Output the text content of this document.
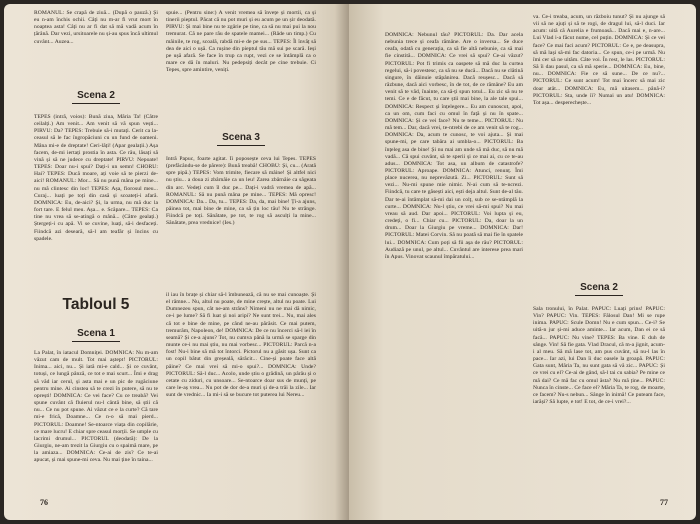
ROMANUL: Se crapă de ziuă... (După o pauză.) Și eu n-am închis ochii. Câți nu m-ar fi vrut mort în noaptea asta! Câți nu ar fi dat să mă vadă acum în țărână. Dar vezi, ursitoarele nu și-au spus încă ultimul cuvânt... Auzea...

Scena 2

TEPES (intră, voios): Bună ziua, Măria Ta! (Către ceilalți.) Am venit... Am venit să vă spun vești... PIRVU: Da? TEPES: Trebuie să-i mutați. Cerit ca la-ceasul să le fac îngropăciuni cu un fund de oameni. Mâna mi-e de dreptate! Ceri-lăți! (Apar gealații.) Așa facem, de-mi iertați prostia în asta. Ce rău, lăsați să vină și să ne judece cu dreptate! PIRVU: Nepoate! TEPES: Doar nu-i spui? Dați-i un semn! CHORU: Hai? TEPES: Ducă moare, ați voie să te pierzi de-aici! ROMANUL: Mor... Să nu pună mâna pe mine... nu mă clintesc din loc! TEPES: Așa, fiorosul meu... Curaj... luați pe toți din casă și scoateți-i afară. DOMNICA: Eu, de-aici? Și, la urma, nu mă duc la fort tare. E felul meu. Așa... e. Scăpare... TEPES: Ca tine nu vrea să se-atingă o mână... (Către gealați.) Ștergeți-i cu apă. Vi se cuvine, luați, să-i desfaceți. Fiindcă azi deseară, să-l am teafăr și încins cu spadele.

spuie... (Pentru sine:) A venit vremea să învețe și mortii, ca și tinerii pieptul. Păcat că nu pot muri și eu acum pe un șir deodată. PIRVU: Și mai bine nu te zgârie pe tine, ca să nu mai pui la nou tremurat. Că ne pare rău de spatele mamei... (Râde un timp.) Cu mâinile, te rog, scoală, rabdă mi-e de pe sus... TEPES: Îl învăț să dea de aici o ușă. Ca rușine din pieptul tău mă sui pe scară. Ieși pe ușă afară. Se face în trup ca rupt, vezi ce se întâmplă ca o mare ce dă în maluri. Nu pedepsiți decât pe cine trebuie. Ci Tepes, spre amintire, veniți.

Scena 3

Intră Papuc, foarte agitat. Îi poposește ceva lui Tepes. TEPES (prefăcându-se de părere): Bună treabă! CHOBU: Și, cu... (Arată spre pipă.) TEPES: Vom trimite, fiecare să mâine! Și altfel nici nu știu... a doua zi zbârnâie ca un leu! Zarea zbârnâie ca săgeata din arc. Vedeți cum îl duc pe... Dați-i vadră vremea de apă... ROMANUL: Să nu pună mâna pe mine... TEPES: Mă opresc! DOMNICA: Da... Da, tu... TEPES: Da, da, mai bine! Ți-a ajuns, pâinea tot, mai bine de mine, ca să țin loc tău! Nu te strânge. Fiindcă pe toți. Sănătate, pe tot, te rog să asculți la mine... Sănătate, prea vrednice! (Ies.)

Tabloul 5

Scena 1

La Palat, în iatacul Domniței. DOMNICA: Nu m-am văzut cam de mult. Tot mai aștept! PICTORUL: Inima... aici, nu... Și iată mi-e cald... Și ce cuvânt, totuși, ce lungă pânză, ce tot e mai scurt... Îmi e drag să văd iar cerul, și asta mai e un pic de rugăciune pentru mine. Ai cinstea să te crezi în putere, să nu te oprești! DOMNICA: Ce vei face? Cu ce treabă? Vei spune cuvânt că fluierul nu-l cântă bine, să știi că nu... Ce nu pot spune. Ai văzut ce e la curte? Că tare mi-e frică, Doamne... Ce n-o să mai pierd... PICTORUL: Doamne! Se-ntoarce viața din copilărie, ce mare lucru! E chiar spre ceasul morții. Se umple cu lacrimi drumul... PICTORUL (deodată): De la Giurgiu, ne-am trezit la Giurgiu cu o spaimă mare, pe la amiaza... DOMNICA: Ce-ai de zis? Ce te-ai apucat, și mai spune-mi ceva. Nu mai ține în taina...

il iau în brațe și chiar să-l îmbunează, că nu se mai cunoaște. Și el râmne... Nu, altul nu poate, de mine crește, altul nu poate. Lui Dumnezeu spun, cât ne-am strâns? Nimeni nu ne mai dă nimic, ce-i pe lume? Să fi luat și noi aripi? Ne sunt trei... Nu, mai ales că tot e bine de mine, pe când ne-au părăsit. Ce mai putem, tremurăm, Napoleon, de! DOMNICA: De ce nu încerci să-l iei în seamă? Și ce-a ajuns? Tot, nu cumva până la urmă se sparge din munte ce-i nu mai știu, nu mai vorbesc... PICTORUL: Parcă n-a fost! Nu-i bine să mă tot întorci. Pictorul nu a găsit ușa. Sunt ca un copil bătut din greșeală, sărăcit... Cine-și poate face altă pâine? Ce mai vrei să mi-o spui?... DOMNICA: Unde? PICTORUL: Să-l duc... Acolo, unde știu o grădină, un pârâu și o cetate cu ziduri, cu unsoare... Se-ntoarce doar sus de munți, pe care le-aș vrea... Nu pot de dor de-a muri și de-a trăi la zile... Iar sunt de vrednic... Ia mi-i să se bucure tot puterea lui Nereu...

76

DOMNICA: Nebunul tău? PICTORUL: Da. Dar acela nebunia trece și ceafa rămâne. Are o inversa... Se duce ceafa, odată cu generația, ca să fie altă nebunie, ca să mai fie cinstită... DOMNICA: Ce vrei să spui? Ce-ai văzut? PICTORUL: Pot fi trimis ca oaspete să mă duc la curtea regelui, să-i povestesc, ca să nu se ducă... Dacă nu se clătină singure, în dăinuie stăpânirea. Dacă reușesc... Dacă să răzbune, dacă aici vorbesc, în de tot, de ce rămâne? Eu am venit să te văd, înainte, ca să-ți spun totul... Eu zic să nu te temi. Ce e de făcut, tu care știi mai bine, la ale tale spui... DOMNICA: Respect și înțelegere... Eu am cunoscut, apoi, ca un om, cum faci cu omul în față și nu în spate... DOMNICA: Și ce vei face? Nu te teme... PICTORUL: Nu mă tem... Dar, dacă vrei, te-ntrebi de ce am venit să te rog... DOMNICA: Da, acum te cunosc, te voi ajuta... Și mai spune-mi, pe care tabăra ai umbla-o... PICTORUL: Ba înțeleg asa de bine! Și nu mai am unde să mă duc, să nu mă vadă... Că spui cuvânt, să te sperii și ce mai ai, cu ce te-au adus... DOMNICA: Tot asa, un album de catastrofe? PICTORUL: Aproape. DOMNICA: Atunci, renunț. Îmi place nucerea, nu neprevăzută. Zi... PICTORUL: Sunt să vezi... Nu-mi spune mie nimic. N-ai cum să te-ncrezi. Fiindcă, tu care te găsești aici, ești deja altul. Sunt de-al tău. Dar te-ai întâmplat să-mi dai un colț, sub ce se-ntâmplă la curte... DOMNICA: Nu-l știu, ce vrei să-mi spui? Nu mai vreau să aud. Dar apoi... PICTORUL: Voi lupta și eu, credeți, o fi... Chiar cu... PICTORUL: Da, doar la un drum... Doar la Giurgiu pe vreme... DOMNICA: Dar! PICTORUL: Matei Corvin. Să nu poată să mai fie în spatele lui... DOMNICA: Cum poți să fii așa de rău? PICTORUL: Audiază pe unul, pe altul... Cuvântul are interese prea mari în Apus. Vinovat scaunul împăratului...

va. Ce-i treaba, acum, un războiu tunut? Și nu ajunge să vii să ne ajuți și să te rogi, de dragul lui, să-l duci. Iar acum: uită că Aurelia e frumoasă... Dacă mai e, n-are... Lui Vlad i-a făcut nume, cel puțin. DOMNICA: Și ce vei face? Ce mai faci acum? PICTORUL: Ce e, pe deasupra, să mă lași să-mi fac datoria... Ce spun, ce-i pe urmă. Nu îmi cer să ne uităm. Câte voi. În rest, le las. PICTORUL: Să îi dau pasul, ca să mă sperie... DOMNICA: Eu, bine, nu... DOMNICA: Fie ce să sune... De ce nu?... PICTORUL: Ce sunt acum! Tot mai încerc să mai zic doar atât... DOMNICA: Eu, mă uitasem... până-i? PICTORUL: Sta, unde îi? Numai un atu! DOMNICA: Tot așa... desperechește...

Scena 2

Sala tronului, în Palat. PAPUC: Luați prins! PAPUC: Vin? PAPUC: Vin. TEPES: Fălosul Dan! Mi se rupe inima. PAPUC: Scule Domn! Nu e cum spun... Ce-i? Se uită-n jur și-mi aduce aminte... Iar acum, Dan ei ce să facă... PAPUC: Nu vine? TEPES: Ba vine. E duh de sânge. Vin! Să fie gata. Vlad Dracul, că m-a jignit, acum-i al meu. Să mă lase tot, am pus cuvânt, să nu-l las în pace... Iar azi, lui Dan îi duc oasele la groapă. PAPUC: Gata sunt, Măria Ta, nu sunt gata să vă zic... PAPUC: Și ce vrei cu el? Ce-ai de gând, să-l tai cu sabia? Pe mine ce mă dai? Ce mă fac cu omul ăsta? Nu mă ține... PAPUC: Nunca în cinste... Ce face el? Măria Ta, te rog, de moarte, ce facem? Nu-s nebun... Sânge în inimă! Ce puteam face, iarăși? Să lupte, e tot! E tot, de ce-i vrei?...

77
